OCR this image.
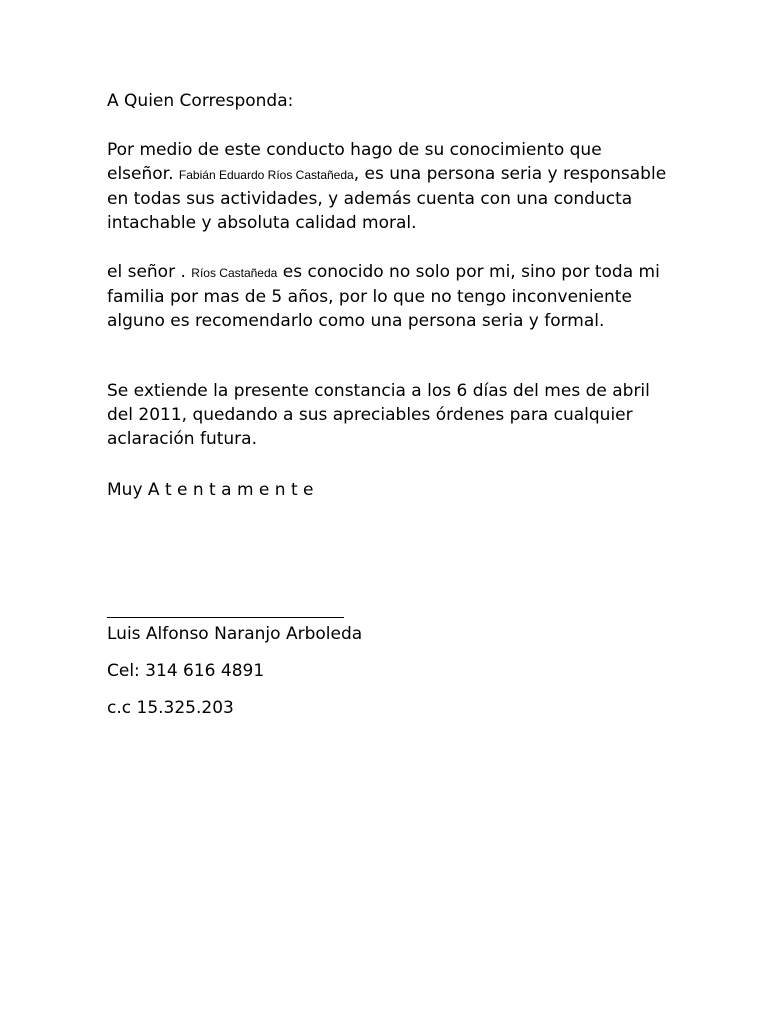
A Quien Corresponda:

Por medio de este conducto hago de su conocimiento que elseñor. Fabián Eduardo Ríos Castañeda, es una persona seria y responsable en todas sus actividades, y además cuenta con una conducta intachable y absoluta calidad moral.

el señor . Ríos Castañeda es conocido no solo por mi, sino por toda mi familia por mas de 5 años, por lo que no tengo inconveniente alguno es recomendarlo como una persona seria y formal.

Se extiende la presente constancia a los 6 días del mes de abril del 2011, quedando a sus apreciables órdenes para cualquier aclaración futura.

Muy A t e n t a m e n t e

Luis Alfonso Naranjo Arboleda

Cel: 314 616 4891

c.c 15.325.203
